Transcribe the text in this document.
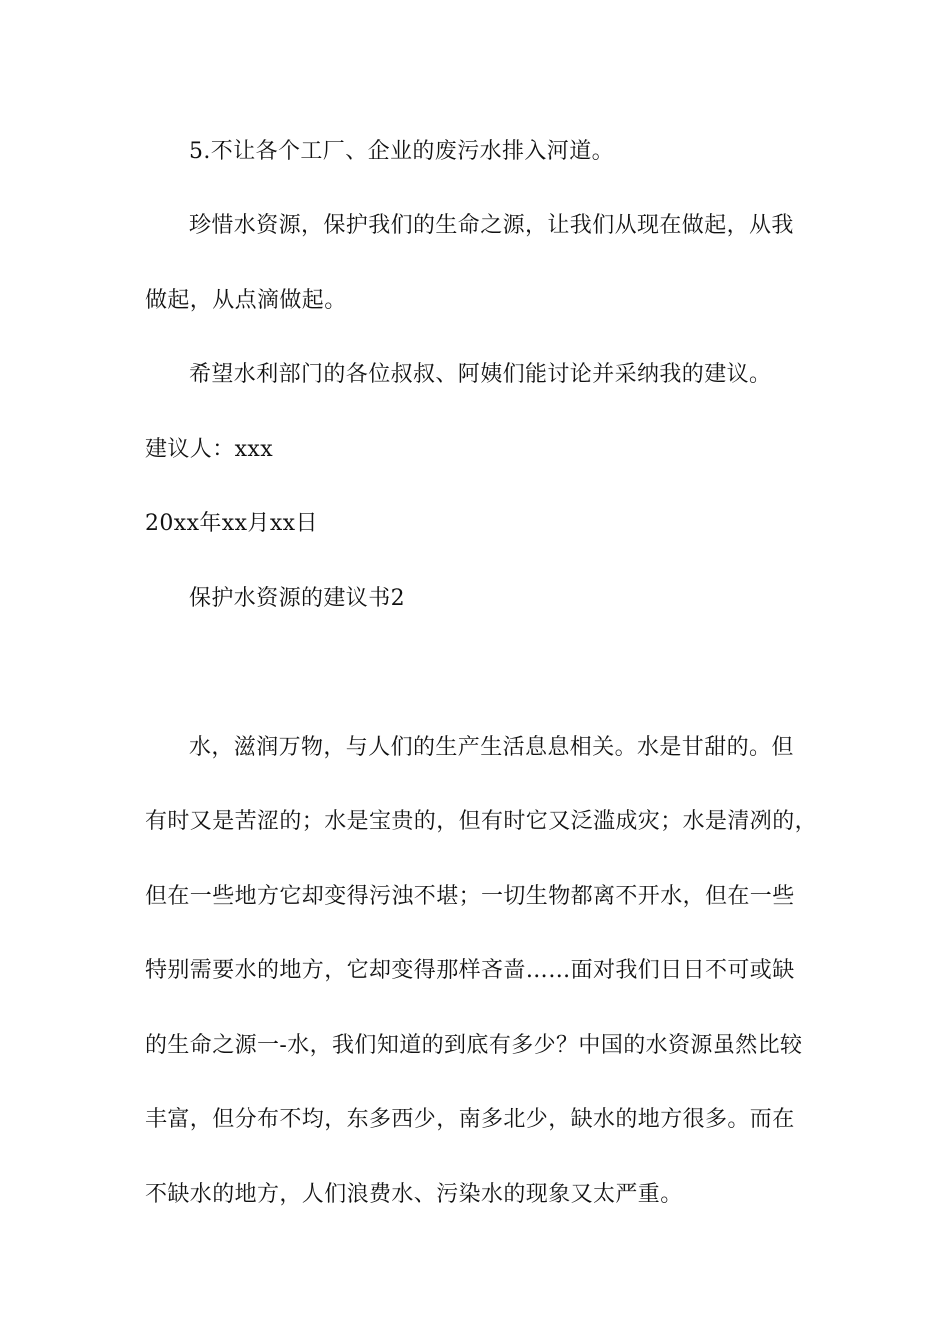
5.不让各个工厂、企业的废污水排入河道。
珍惜水资源，保护我们的生命之源，让我们从现在做起，从我
做起，从点滴做起。
希望水利部门的各位叔叔、阿姨们能讨论并采纳我的建议。
建议人：xxx
20xx年xx月xx日
保护水资源的建议书2
水，滋润万物，与人们的生产生活息息相关。水是甘甜的。但
有时又是苦涩的；水是宝贵的，但有时它又泛滥成灾；水是清冽的，
但在一些地方它却变得污浊不堪；一切生物都离不开水，但在一些
特别需要水的地方，它却变得那样吝啬……面对我们日日不可或缺
的生命之源一-水，我们知道的到底有多少？中国的水资源虽然比较
丰富，但分布不均，东多西少，南多北少，缺水的地方很多。而在
不缺水的地方，人们浪费水、污染水的现象又太严重。
